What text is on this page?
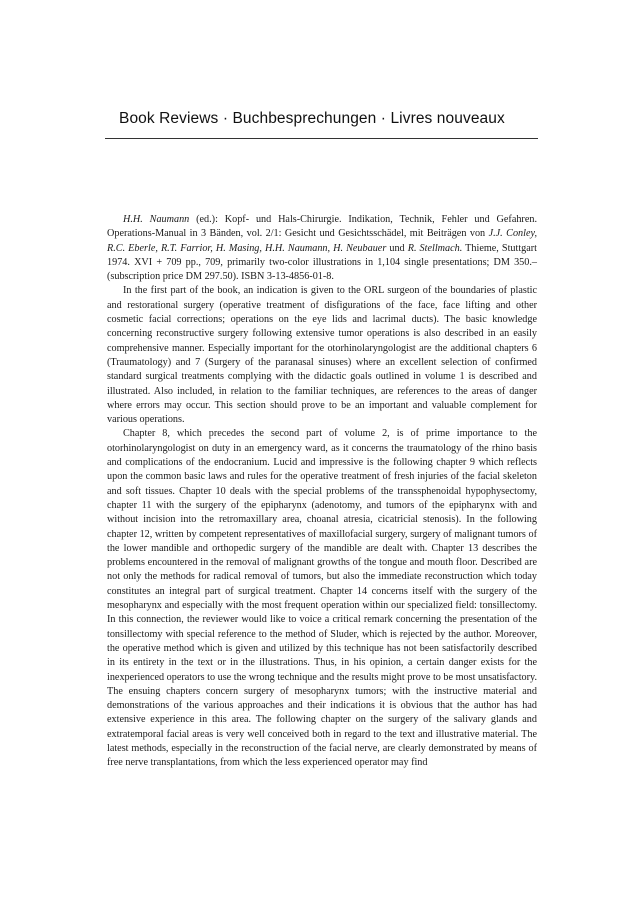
Book Reviews · Buchbesprechungen · Livres nouveaux

H.H. Naumann (ed.): Kopf- und Hals-Chirurgie. Indikation, Technik, Fehler und Gefahren. Operations-Manual in 3 Bänden, vol. 2/1: Gesicht und Gesichtsschädel, mit Beiträgen von J.J. Conley, R.C. Eberle, R.T. Farrior, H. Masing, H.H. Naumann, H. Neubauer und R. Stellmach. Thieme, Stuttgart 1974. XVI + 709 pp., 709, primarily two-color illustrations in 1,104 single presentations; DM 350.– (subscription price DM 297.50). ISBN 3-13-4856-01-8.

In the first part of the book, an indication is given to the ORL surgeon of the boundaries of plastic and restorational surgery (operative treatment of disfigurations of the face, face lifting and other cosmetic facial corrections; operations on the eye lids and lacrimal ducts). The basic knowledge concerning reconstructive surgery following extensive tumor operations is also described in an easily comprehensive manner. Especially important for the otorhinolaryngologist are the additional chapters 6 (Traumatology) and 7 (Surgery of the paranasal sinuses) where an excellent selection of confirmed standard surgical treatments complying with the didactic goals outlined in volume 1 is described and illustrated. Also included, in relation to the familiar techniques, are references to the areas of danger where errors may occur. This section should prove to be an important and valuable complement for various operations.

Chapter 8, which precedes the second part of volume 2, is of prime importance to the otorhinolaryngologist on duty in an emergency ward, as it concerns the traumatology of the rhino basis and complications of the endocranium. Lucid and impressive is the following chapter 9 which reflects upon the common basic laws and rules for the operative treatment of fresh injuries of the facial skeleton and soft tissues. Chapter 10 deals with the special problems of the transsphenoidal hypophysectomy, chapter 11 with the surgery of the epipharynx (adenotomy, and tumors of the epipharynx with and without incision into the retromaxillary area, choanal atresia, cicatricial stenosis). In the following chapter 12, written by competent representatives of maxillofacial surgery, surgery of malignant tumors of the lower mandible and orthopedic surgery of the mandible are dealt with. Chapter 13 describes the problems encountered in the removal of malignant growths of the tongue and mouth floor. Described are not only the methods for radical removal of tumors, but also the immediate reconstruction which today constitutes an integral part of surgical treatment. Chapter 14 concerns itself with the surgery of the mesopharynx and especially with the most frequent operation within our specialized field: tonsillectomy. In this connection, the reviewer would like to voice a critical remark concerning the presentation of the tonsillectomy with special reference to the method of Sluder, which is rejected by the author. Moreover, the operative method which is given and utilized by this technique has not been satisfactorily described in its entirety in the text or in the illustrations. Thus, in his opinion, a certain danger exists for the inexperienced operators to use the wrong technique and the results might prove to be most unsatisfactory. The ensuing chapters concern surgery of mesopharynx tumors; with the instructive material and demonstrations of the various approaches and their indications it is obvious that the author has had extensive experience in this area. The following chapter on the surgery of the salivary glands and extratemporal facial areas is very well conceived both in regard to the text and illustrative material. The latest methods, especially in the reconstruction of the facial nerve, are clearly demonstrated by means of free nerve transplantations, from which the less experienced operator may find
